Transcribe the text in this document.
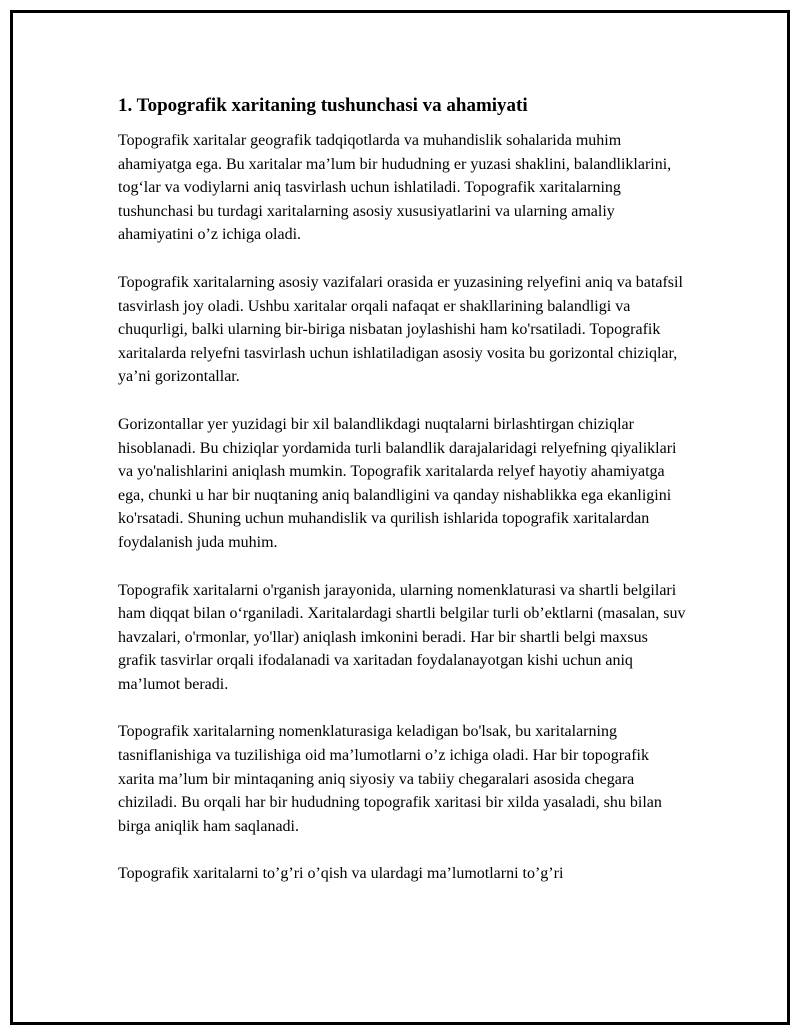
1. Topografik xaritaning tushunchasi va ahamiyati

Topografik xaritalar geografik tadqiqotlarda va muhandislik sohalarida muhim ahamiyatga ega. Bu xaritalar ma’lum bir hududning er yuzasi shaklini, balandliklarini, tog‘lar va vodiylarni aniq tasvirlash uchun ishlatiladi. Topografik xaritalarning tushunchasi bu turdagi xaritalarning asosiy xususiyatlarini va ularning amaliy ahamiyatini o’z ichiga oladi.

Topografik xaritalarning asosiy vazifalari orasida er yuzasining relyefini aniq va batafsil tasvirlash joy oladi. Ushbu xaritalar orqali nafaqat er shakllarining balandligi va chuqurligi, balki ularning bir-biriga nisbatan joylashishi ham ko'rsatiladi. Topografik xaritalarda relyefni tasvirlash uchun ishlatiladigan asosiy vosita bu gorizontal chiziqlar, ya’ni gorizontallar.

Gorizontallar yer yuzidagi bir xil balandlikdagi nuqtalarni birlashtirgan chiziqlar hisoblanadi. Bu chiziqlar yordamida turli balandlik darajalaridagi relyefning qiyaliklari va yo'nalishlarini aniqlash mumkin. Topografik xaritalarda relyef hayotiy ahamiyatga ega, chunki u har bir nuqtaning aniq balandligini va qanday nishablikka ega ekanligini ko'rsatadi. Shuning uchun muhandislik va qurilish ishlarida topografik xaritalardan foydalanish juda muhim.

Topografik xaritalarni o'rganish jarayonida, ularning nomenklaturasi va shartli belgilari ham diqqat bilan o‘rganiladi. Xaritalardagi shartli belgilar turli ob’ektlarni (masalan, suv havzalari, o'rmonlar, yo'llar) aniqlash imkonini beradi. Har bir shartli belgi maxsus grafik tasvirlar orqali ifodalanadi va xaritadan foydalanayotgan kishi uchun aniq ma’lumot beradi.

Topografik xaritalarning nomenklaturasiga keladigan bo'lsak, bu xaritalarning tasniflanishiga va tuzilishiga oid ma’lumotlarni o’z ichiga oladi. Har bir topografik xarita ma’lum bir mintaqaning aniq siyosiy va tabiiy chegaralari asosida chegara chiziladi. Bu orqali har bir hududning topografik xaritasi bir xilda yasaladi, shu bilan birga aniqlik ham saqlanadi.

Topografik xaritalarni to’g’ri o’qish va ulardagi ma’lumotlarni to’g’ri
